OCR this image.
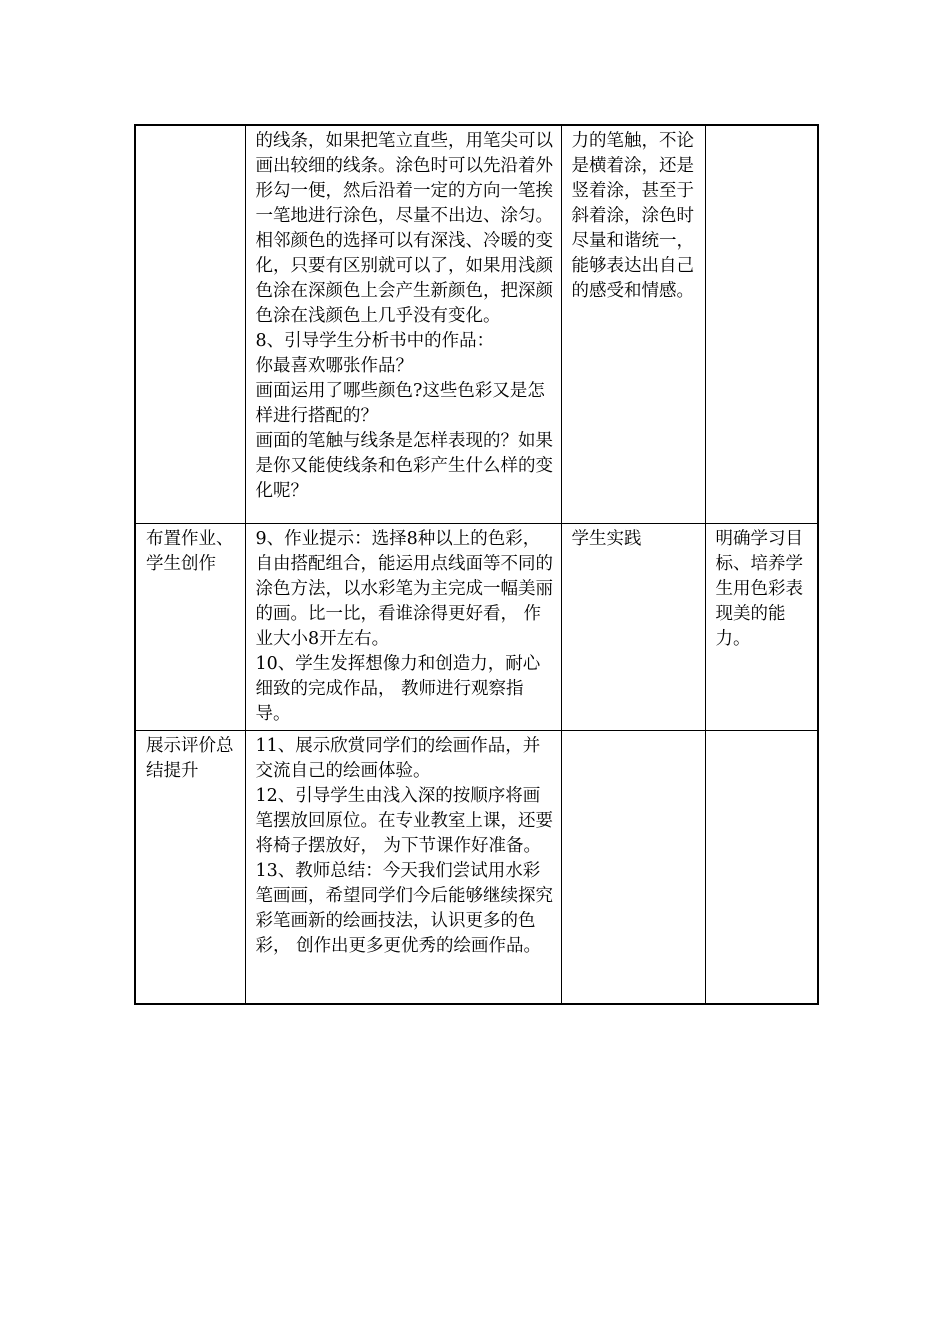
	的线条，如果把笔立直些，用笔尖可以画出较细的线条。涂色时可以先沿着外形勾一便，然后沿着一定的方向一笔挨一笔地进行涂色，尽量不出边、涂匀。相邻颜色的选择可以有深浅、冷暖的变化，只要有区别就可以了，如果用浅颜色涂在深颜色上会产生新颜色，把深颜色涂在浅颜色上几乎没有变化。
8、引导学生分析书中的作品：
你最喜欢哪张作品？
画面运用了哪些颜色?这些色彩又是怎样进行搭配的？
画面的笔触与线条是怎样表现的？如果是你又能使线条和色彩产生什么样的变化呢？	力的笔触，不论是横着涂，还是竖着涂，甚至于斜着涂，涂色时尽量和谐统一，能够表达出自己的感受和情感。	

布置作业、学生创作	9、作业提示：选择8种以上的色彩，自由搭配组合，能运用点线面等不同的涂色方法，以水彩笔为主完成一幅美丽的画。比一比，看谁涂得更好看， 作业大小8开左右。
10、学生发挥想像力和创造力，耐心细致的完成作品， 教师进行观察指导。	学生实践	明确学习目标、培养学生用色彩表现美的能力。

展示评价总结提升	11、展示欣赏同学们的绘画作品，并交流自己的绘画体验。
12、引导学生由浅入深的按顺序将画笔摆放回原位。在专业教室上课，还要将椅子摆放好， 为下节课作好准备。
13、教师总结：今天我们尝试用水彩笔画画，希望同学们今后能够继续探究彩笔画新的绘画技法，认识更多的色彩， 创作出更多更优秀的绘画作品。		
